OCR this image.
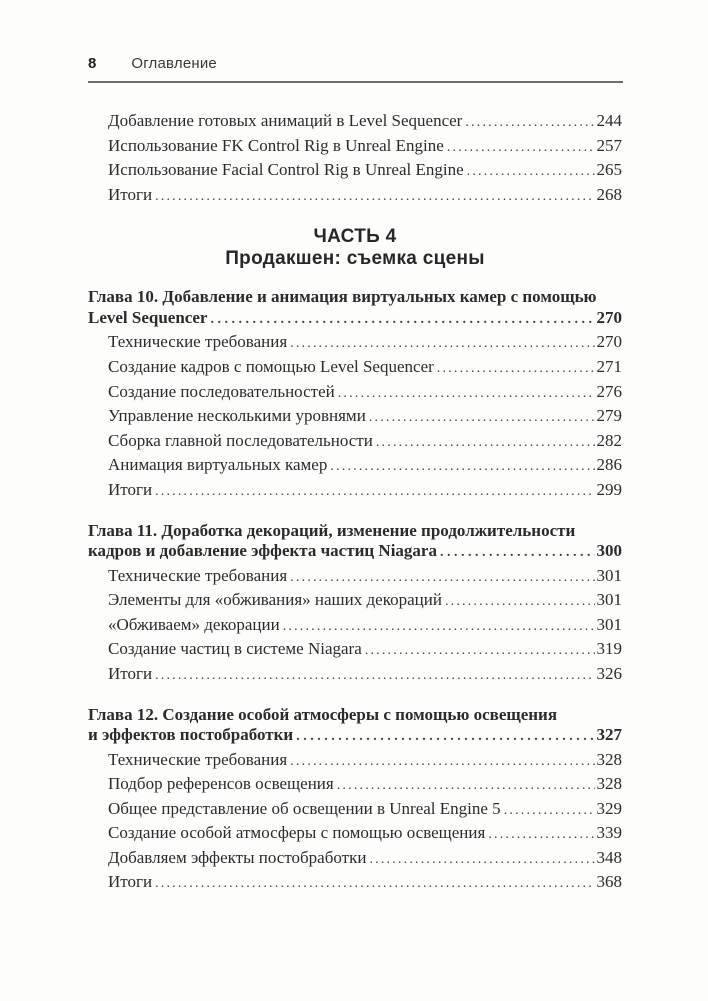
8 Оглавление
Добавление готовых анимаций в Level Sequencer .....	244
Использование FK Control Rig в Unreal Engine .....	257
Использование Facial Control Rig в Unreal Engine .....	265
Итоги .....	268
ЧАСТЬ 4
Продакшен: съемка сцены
Глава 10. Добавление и анимация виртуальных камер с помощью
Level Sequencer .....	270
Технические требования .....	270
Создание кадров с помощью Level Sequencer .....	271
Создание последовательностей .....	276
Управление несколькими уровнями .....	279
Сборка главной последовательности .....	282
Анимация виртуальных камер .....	286
Итоги .....	299
Глава 11. Доработка декораций, изменение продолжительности
кадров и добавление эффекта частиц Niagara .....	300
Технические требования .....	301
Элементы для «обживания» наших декораций .....	301
«Обживаем» декорации .....	301
Создание частиц в системе Niagara .....	319
Итоги .....	326
Глава 12. Создание особой атмосферы с помощью освещения
и эффектов постобработки .....	327
Технические требования .....	328
Подбор референсов освещения .....	328
Общее представление об освещении в Unreal Engine 5 .....	329
Создание особой атмосферы с помощью освещения .....	339
Добавляем эффекты постобработки .....	348
Итоги .....	368
